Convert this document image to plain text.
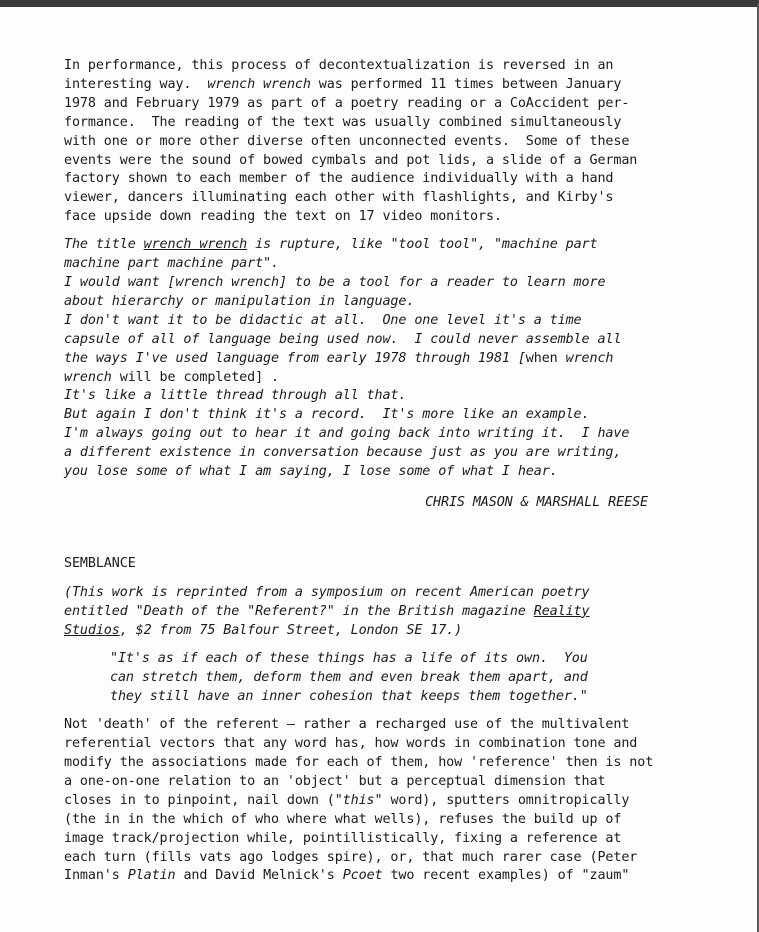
In performance, this process of decontextualization is reversed in an
interesting way.  wrench wrench was performed 11 times between January
1978 and February 1979 as part of a poetry reading or a CoAccident per-
formance.  The reading of the text was usually combined simultaneously
with one or more other diverse often unconnected events.  Some of these
events were the sound of bowed cymbals and pot lids, a slide of a German
factory shown to each member of the audience individually with a hand
viewer, dancers illuminating each other with flashlights, and Kirby's
face upside down reading the text on 17 video monitors.
The title wrench wrench is rupture, like "tool tool", "machine part
machine part machine part".
I would want [wrench wrench] to be a tool for a reader to learn more
about hierarchy or manipulation in language.
I don't want it to be didactic at all.  One one level it's a time
capsule of all of language being used now.  I could never assemble all
the ways I've used language from early 1978 through 1981 [when wrench
wrench will be completed] .
It's like a little thread through all that.
But again I don't think it's a record.  It's more like an example.
I'm always going out to hear it and going back into writing it.  I have
a different existence in conversation because just as you are writing,
you lose some of what I am saying, I lose some of what I hear.
CHRIS MASON & MARSHALL REESE
SEMBLANCE
(This work is reprinted from a symposium on recent American poetry
entitled "Death of the "Referent?" in the British magazine Reality
Studios, $2 from 75 Balfour Street, London SE 17.)
"It's as if each of these things has a life of its own.  You
can stretch them, deform them and even break them apart, and
they still have an inner cohesion that keeps them together."
Not 'death' of the referent — rather a recharged use of the multivalent
referential vectors that any word has, how words in combination tone and
modify the associations made for each of them, how 'reference' then is not
a one-on-one relation to an 'object' but a perceptual dimension that
closes in to pinpoint, nail down ("this" word), sputters omnitropically
(the in in the which of who where what wells), refuses the build up of
image track/projection while, pointillistically, fixing a reference at
each turn (fills vats ago lodges spire), or, that much rarer case (Peter
Inman's Platin and David Melnick's Pcoet two recent examples) of "zaum"
